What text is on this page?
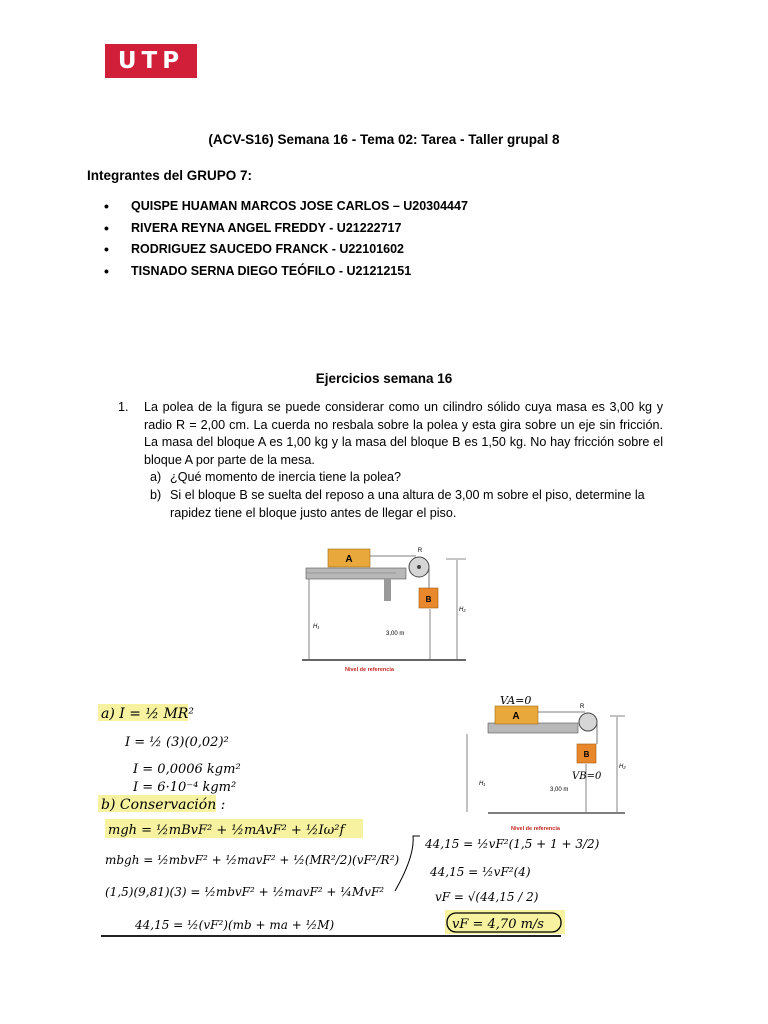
UTP
(ACV-S16) Semana 16 - Tema 02: Tarea - Taller grupal 8
Integrantes del GRUPO 7:
• QUISPE HUAMAN MARCOS JOSE CARLOS – U20304447
• RIVERA REYNA ANGEL FREDDY - U21222717
• RODRIGUEZ SAUCEDO FRANCK - U22101602
• TISNADO SERNA DIEGO TEÓFILO - U21212151
Ejercicios semana 16
1. La polea de la figura se puede considerar como un cilindro sólido cuya masa es 3,00 kg y radio R = 2,00 cm. La cuerda no resbala sobre la polea y esta gira sobre un eje sin fricción. La masa del bloque A es 1,00 kg y la masa del bloque B es 1,50 kg. No hay fricción sobre el bloque A por parte de la mesa.
a) ¿Qué momento de inercia tiene la polea?
b) Si el bloque B se suelta del reposo a una altura de 3,00 m sobre el piso, determine la rapidez tiene el bloque justo antes de llegar el piso.
A
R
B
H₁
H₂
3,00 m
Nivel de referencia
A
R
B
H₁
H₂
3,00 m
Nivel de referencia
VA=0
VB=0
a) I = ½ MR²
I = ½ (3)(0,02)²
I = 0,0006 kgm²
I = 6·10⁻⁴ kgm²
b) Conservación :
mgh = ½mBvF² + ½mAvF² + ½Iω²f
mbgh = ½mbvF² + ½mavF² + ½(MR²/2)(vF²/R²)
(1,5)(9,81)(3) = ½mbvF² + ½mavF² + ¼MvF²
44,15 = ½(vF²)(mb + ma + ½M)
44,15 = ½vF²(1,5 + 1 + 3/2)
44,15 = ½vF²(4)
vF = √(44,15 / 2)
vF = 4,70 m/s
